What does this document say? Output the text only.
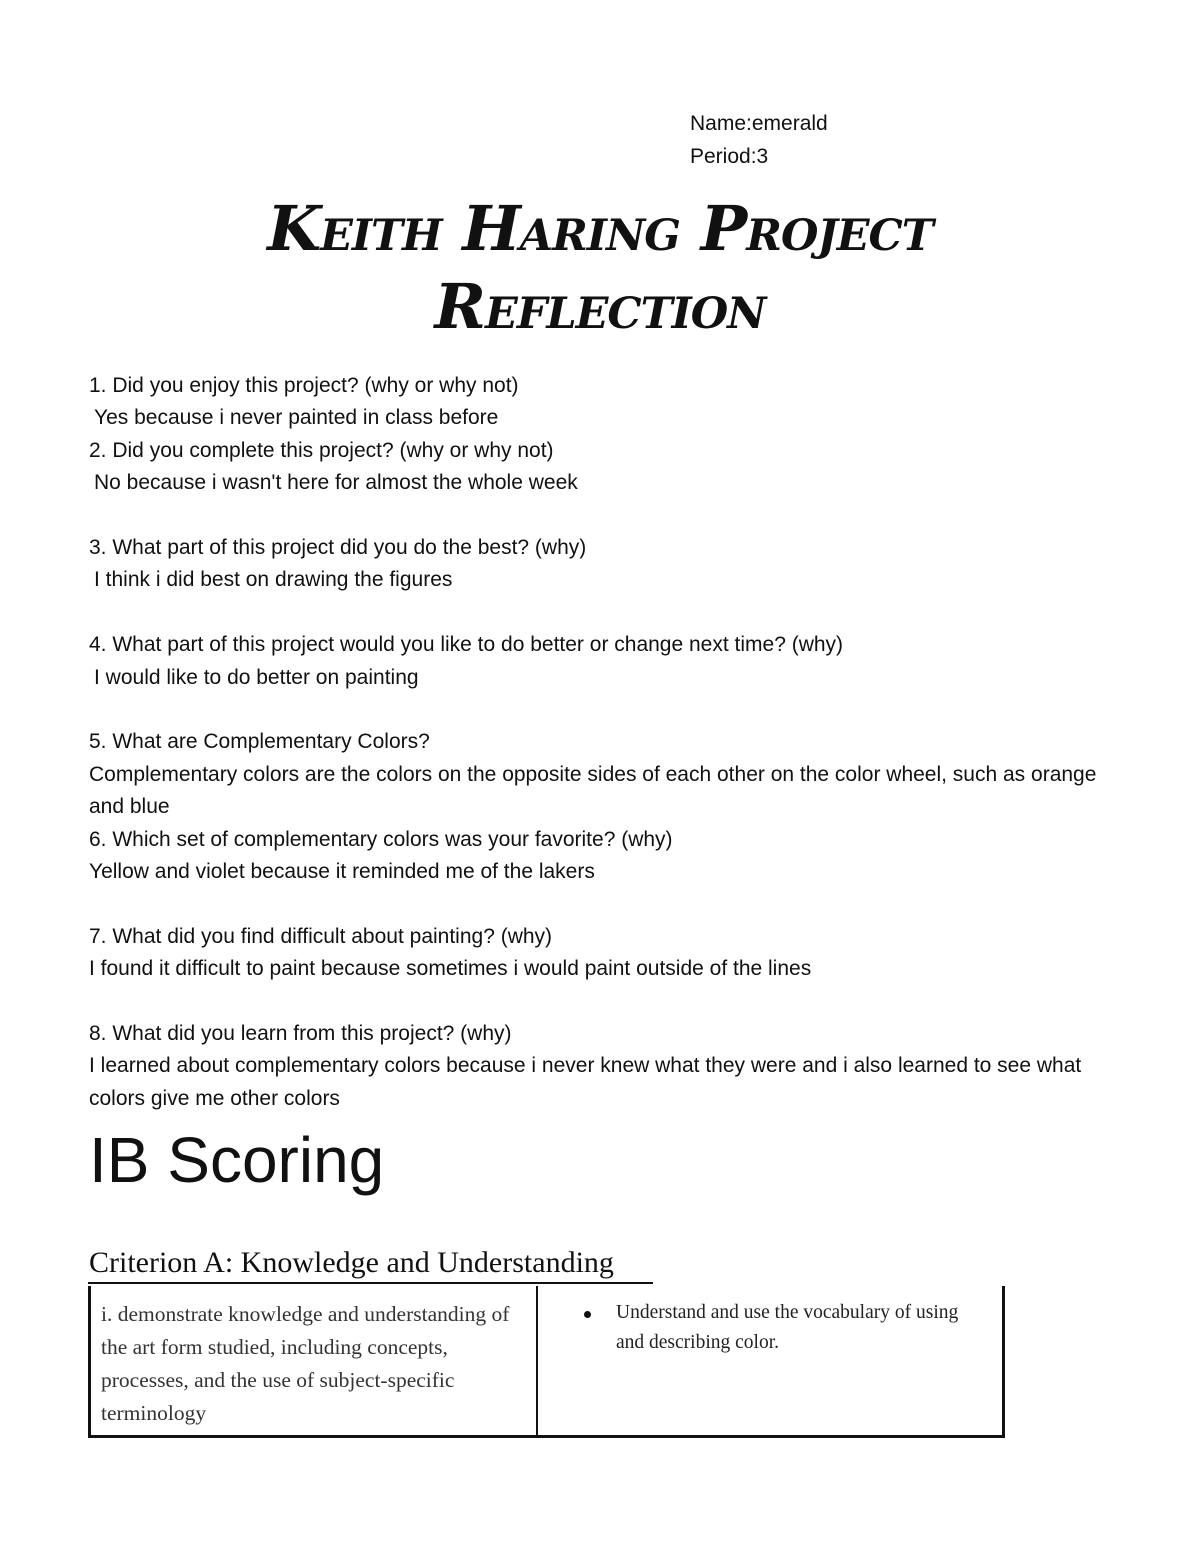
Name:emerald
Period:3
Keith Haring Project
Reflection
1. Did you enjoy this project? (why or why not)
Yes because i never painted in class before
2. Did you complete this project? (why or why not)
No because i wasn't here for almost the whole week
3. What part of this project did you do the best? (why)
I think i did best on drawing the figures
4. What part of this project would you like to do better or change next time? (why)
I would like to do better on painting
5. What are Complementary Colors?
Complementary colors are the colors on the opposite sides of each other on the color wheel, such as orange and blue
6. Which set of complementary colors was your favorite? (why)
Yellow and violet because it reminded me of the lakers
7. What did you find difficult about painting? (why)
I found it difficult to paint because sometimes i would paint outside of the lines
8. What did you learn from this project? (why)
I learned about complementary colors because i never knew what they were and i also learned to see what colors give me other colors
IB Scoring
Criterion A: Knowledge and Understanding
i. demonstrate knowledge and understanding of the art form studied, including concepts, processes, and the use of subject-specific terminology
Understand and use the vocabulary of using and describing color.
